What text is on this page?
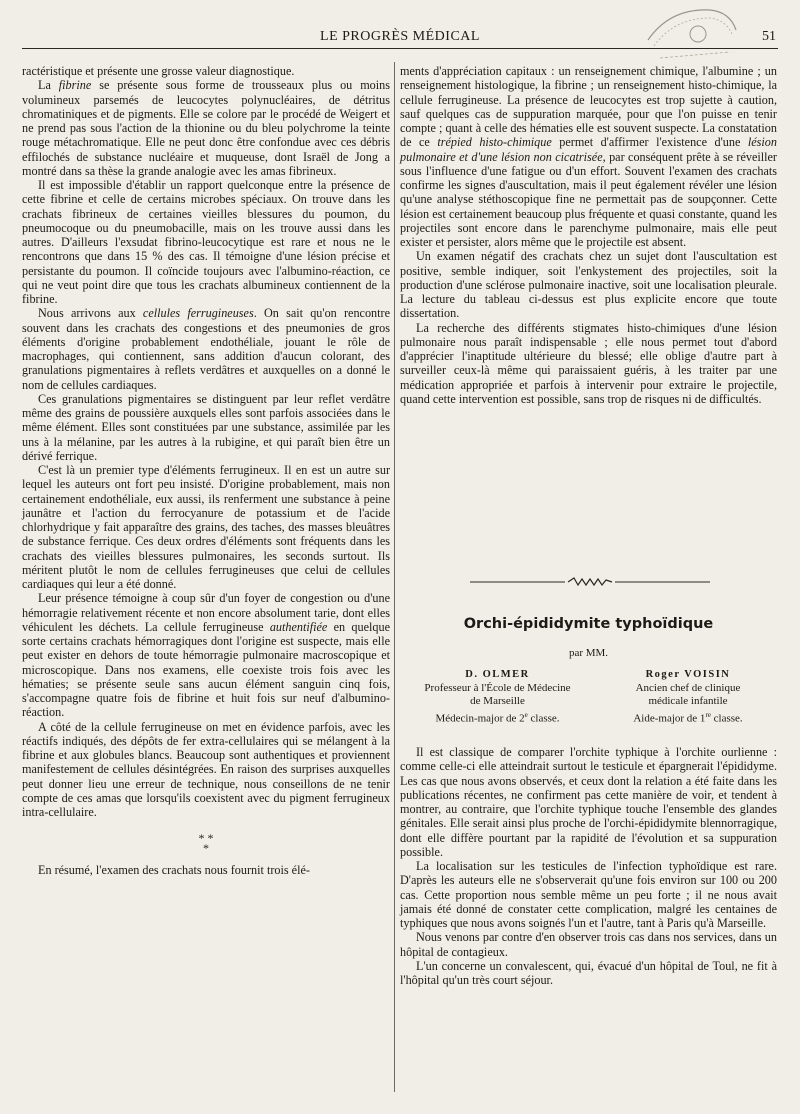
LE PROGRÈS MÉDICAL	51

ractéristique et présente une grosse valeur diagnostique.

La fibrine se présente sous forme de trousseaux plus ou moins volumineux parsemés de leucocytes polynucléaires, de détritus chromatiniques et de pigments. Elle se colore par le procédé de Weigert et ne prend pas sous l'action de la thionine ou du bleu polychrome la teinte rouge métachromatique. Elle ne peut donc être confondue avec ces débris effilochés de substance nucléaire et muqueuse, dont Israël de Jong a montré dans sa thèse la grande analogie avec les amas fibrineux.

Il est impossible d'établir un rapport quelconque entre la présence de cette fibrine et celle de certains microbes spéciaux. On trouve dans les crachats fibrineux de certaines vieilles blessures du poumon, du pneumocoque ou du pneumobacille, mais on les trouve aussi dans les autres. D'ailleurs l'exsudat fibrino-leucocytique est rare et nous ne le rencontrons que dans 15 % des cas. Il témoigne d'une lésion précise et persistante du poumon. Il coïncide toujours avec l'albumino-réaction, ce qui ne veut point dire que tous les crachats albumineux contiennent de la fibrine.

Nous arrivons aux cellules ferrugineuses. On sait qu'on rencontre souvent dans les crachats des congestions et des pneumonies de gros éléments d'origine probablement endothéliale, jouant le rôle de macrophages, qui contiennent, sans addition d'aucun colorant, des granulations pigmentaires à reflets verdâtres et auxquelles on a donné le nom de cellules cardiaques.

Ces granulations pigmentaires se distinguent par leur reflet verdâtre même des grains de poussière auxquels elles sont parfois associées dans le même élément. Elles sont constituées par une substance, assimilée par les uns à la mélanine, par les autres à la rubigine, et qui paraît bien être un dérivé ferrique.

C'est là un premier type d'éléments ferrugineux. Il en est un autre sur lequel les auteurs ont fort peu insisté. D'origine probablement, mais non certainement endothéliale, eux aussi, ils renferment une substance à peine jaunâtre et l'action du ferrocyanure de potassium et de l'acide chlorhydrique y fait apparaître des grains, des taches, des masses bleuâtres de substance ferrique. Ces deux ordres d'éléments sont fréquents dans les crachats des vieilles blessures pulmonaires, les seconds surtout. Ils méritent plutôt le nom de cellules ferrugineuses que celui de cellules cardiaques qui leur a été donné.

Leur présence témoigne à coup sûr d'un foyer de congestion ou d'une hémorragie relativement récente et non encore absolument tarie, dont elles véhiculent les déchets. La cellule ferrugineuse authentifiée en quelque sorte certains crachats hémorragiques dont l'origine est suspecte, mais elle peut exister en dehors de toute hémorragie pulmonaire macroscopique et microscopique. Dans nos examens, elle coexiste trois fois avec les hématies; se présente seule sans aucun élément sanguin cinq fois, s'accompagne quatre fois de fibrine et huit fois sur neuf d'albumino-réaction.

A côté de la cellule ferrugineuse on met en évidence parfois, avec les réactifs indiqués, des dépôts de fer extra-cellulaires qui se mélangent à la fibrine et aux globules blancs. Beaucoup sont authentiques et proviennent manifestement de cellules désintégrées. En raison des surprises auxquelles peut donner lieu une erreur de technique, nous conseillons de ne tenir compte de ces amas que lorsqu'ils coexistent avec du pigment ferrugineux intra-cellulaire.

* *
*

En résumé, l'examen des crachats nous fournit trois élé-

ments d'appréciation capitaux : un renseignement chimique, l'albumine ; un renseignement histologique, la fibrine ; un renseignement histo-chimique, la cellule ferrugineuse. La présence de leucocytes est trop sujette à caution, sauf quelques cas de suppuration marquée, pour que l'on puisse en tenir compte ; quant à celle des hématies elle est souvent suspecte. La constatation de ce trépied histo-chimique permet d'affirmer l'existence d'une lésion pulmonaire et d'une lésion non cicatrisée, par conséquent prête à se réveiller sous l'influence d'une fatigue ou d'un effort. Souvent l'examen des crachats confirme les signes d'auscultation, mais il peut également révéler une lésion qu'une analyse stéthoscopique fine ne permettait pas de soupçonner. Cette lésion est certainement beaucoup plus fréquente et quasi constante, quand les projectiles sont encore dans le parenchyme pulmonaire, mais elle peut exister et persister, alors même que le projectile est absent.

Un examen négatif des crachats chez un sujet dont l'auscultation est positive, semble indiquer, soit l'enkystement des projectiles, soit la production d'une sclérose pulmonaire inactive, soit une localisation pleurale. La lecture du tableau ci-dessus est plus explicite encore que toute dissertation.

La recherche des différents stigmates histo-chimiques d'une lésion pulmonaire nous paraît indispensable ; elle nous permet tout d'abord d'apprécier l'inaptitude ultérieure du blessé; elle oblige d'autre part à surveiller ceux-là même qui paraissaient guéris, à les traiter par une médication appropriée et parfois à intervenir pour extraire le projectile, quand cette intervention est possible, sans trop de risques ni de difficultés.

Orchi-épididymite typhoïdique
par MM.
D. OLMER
Professeur à l'École de Médecine
de Marseille
Médecin-major de 2e classe.
Roger VOISIN
Ancien chef de clinique
médicale infantile
Aide-major de 1re classe.

Il est classique de comparer l'orchite typhique à l'orchite ourlienne : comme celle-ci elle atteindrait surtout le testicule et épargnerait l'épididyme. Les cas que nous avons observés, et ceux dont la relation a été faite dans les publications récentes, ne confirment pas cette manière de voir, et tendent à montrer, au contraire, que l'orchite typhique touche l'ensemble des glandes génitales. Elle serait ainsi plus proche de l'orchi-épididymite blennorragique, dont elle diffère pourtant par la rapidité de l'évolution et sa suppuration possible.

La localisation sur les testicules de l'infection typhoïdique est rare. D'après les auteurs elle ne s'observerait qu'une fois environ sur 100 ou 200 cas. Cette proportion nous semble même un peu forte ; il ne nous avait jamais été donné de constater cette complication, malgré les centaines de typhiques que nous avons soignés l'un et l'autre, tant à Paris qu'à Marseille.

Nous venons par contre d'en observer trois cas dans nos services, dans un hôpital de contagieux.

L'un concerne un convalescent, qui, évacué d'un hôpital de Toul, ne fit à l'hôpital qu'un très court séjour.
